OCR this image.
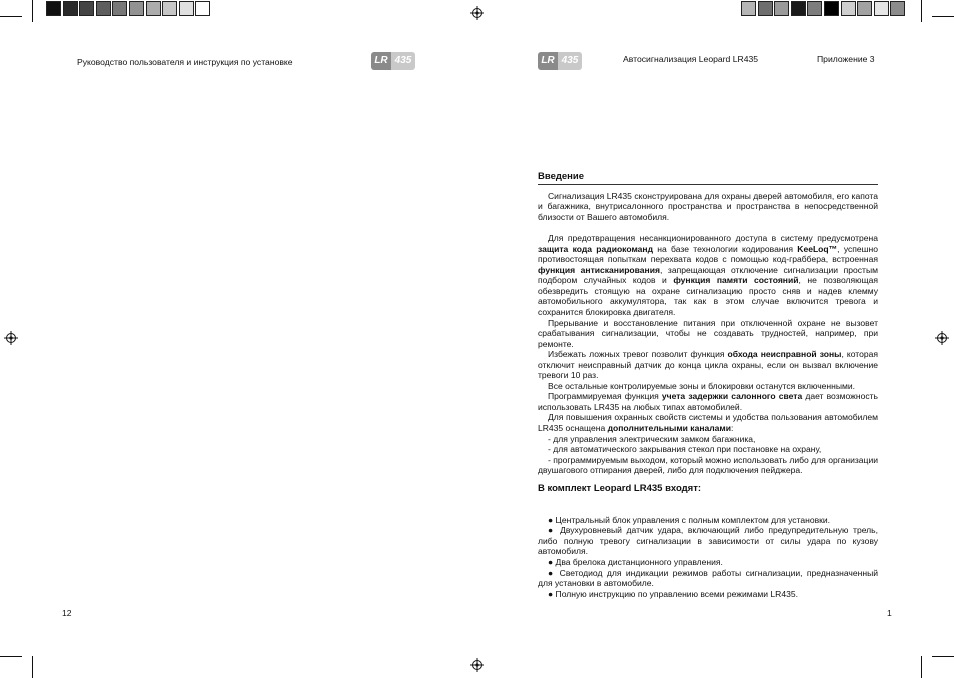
Руководство пользователя и инструкция по установке	LR 435
12
LR 435	Автосигнализация Leopard LR435	Приложение 3
1
Введение

Сигнализация LR435 сконструирована для охраны дверей автомобиля, его капота и багажника, внутрисалонного пространства и пространства в непосредственной близости от Вашего автомобиля.

Для предотвращения несанкционированного доступа в систему предусмотрена защита кода радиокоманд на базе технологии кодирования KeeLoq™, успешно противостоящая попыткам перехвата кодов с помощью код-граббера, встроенная функция антисканирования, запрещающая отключение сигнализации простым подбором случайных кодов и функция памяти состояний, не позволяющая обезвредить стоящую на охране сигнализацию просто сняв и надев клемму автомобильного аккумулятора, так как в этом случае включится тревога и сохранится блокировка двигателя.

Прерывание и восстановление питания при отключенной охране не вызовет срабатывания сигнализации, чтобы не создавать трудностей, например, при ремонте.

Избежать ложных тревог позволит функция обхода неисправной зоны, которая отключит неисправный датчик до конца цикла охраны, если он вызвал включение тревоги 10 раз.

Все остальные контролируемые зоны и блокировки останутся включенными.

Программируемая функция учета задержки салонного света дает возможность использовать LR435 на любых типах автомобилей.

Для повышения охранных свойств системы и удобства пользования автомобилем LR435 оснащена дополнительными каналами:

- для управления электрическим замком багажника,

- для автоматического закрывания стекол при постановке на охрану,

- программируемым выходом, который можно использовать либо для организации двушагового отпирания дверей, либо для подключения пейджера.

В комплект Leopard LR435 входят:

● Центральный блок управления с полным комплектом для установки.

● Двухуровневый датчик удара, включающий либо предупредительную трель, либо полную тревогу сигнализации в зависимости от силы удара по кузову автомобиля.

● Два брелока дистанционного управления.

● Светодиод для индикации режимов работы сигнализации, предназначенный для установки в автомобиле.

● Полную инструкцию по управлению всеми режимами LR435.
